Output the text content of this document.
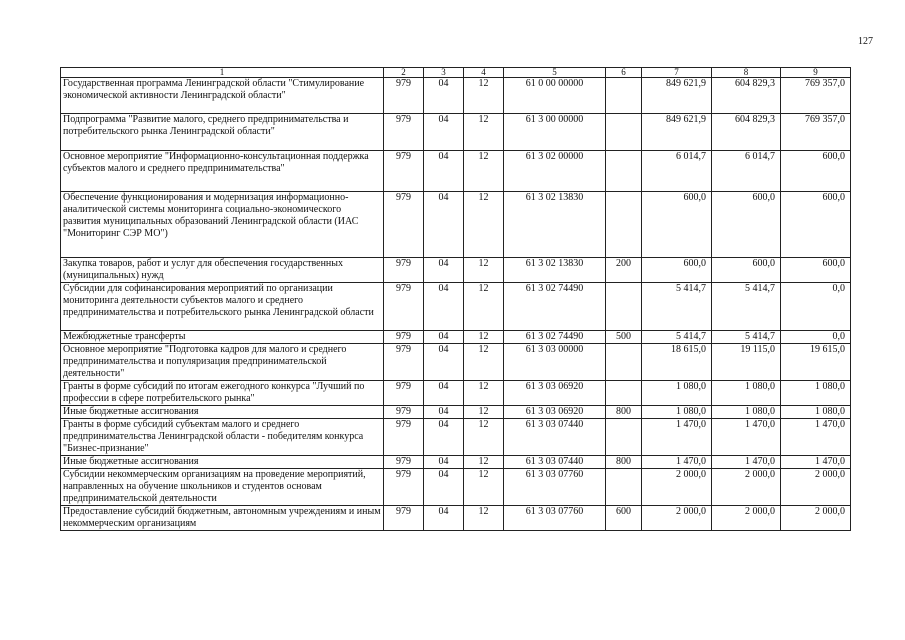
127
1	2	3	4	5	6	7	8	9
Государственная программа Ленинградской области "Стимулирование экономической активности Ленинградской области"	979	04	12	61 0 00 00000		849 621,9	604 829,3	769 357,0
Подпрограмма "Развитие малого, среднего предпринимательства и потребительского рынка Ленинградской области"	979	04	12	61 3 00 00000		849 621,9	604 829,3	769 357,0
Основное мероприятие "Информационно-консультационная поддержка субъектов малого и среднего предпринимательства"	979	04	12	61 3 02 00000		6 014,7	6 014,7	600,0
Обеспечение функционирования и модернизация информационно-аналитической системы мониторинга социально-экономического развития муниципальных образований Ленинградской области (ИАС "Мониторинг СЭР МО")	979	04	12	61 3 02 13830		600,0	600,0	600,0
Закупка товаров, работ и услуг для обеспечения государственных (муниципальных) нужд	979	04	12	61 3 02 13830	200	600,0	600,0	600,0
Субсидии для софинансирования мероприятий по организации мониторинга деятельности субъектов малого и среднего предпринимательства и потребительского рынка Ленинградской области	979	04	12	61 3 02 74490		5 414,7	5 414,7	0,0
Межбюджетные трансферты	979	04	12	61 3 02 74490	500	5 414,7	5 414,7	0,0
Основное мероприятие "Подготовка кадров для малого и среднего предпринимательства и популяризация предпринимательской деятельности"	979	04	12	61 3 03 00000		18 615,0	19 115,0	19 615,0
Гранты в форме субсидий по итогам ежегодного конкурса "Лучший по профессии в сфере потребительского рынка"	979	04	12	61 3 03 06920		1 080,0	1 080,0	1 080,0
Иные бюджетные ассигнования	979	04	12	61 3 03 06920	800	1 080,0	1 080,0	1 080,0
Гранты в форме субсидий субъектам малого и среднего предпринимательства Ленинградской области - победителям конкурса "Бизнес-признание"	979	04	12	61 3 03 07440		1 470,0	1 470,0	1 470,0
Иные бюджетные ассигнования	979	04	12	61 3 03 07440	800	1 470,0	1 470,0	1 470,0
Субсидии некоммерческим организациям на проведение мероприятий, направленных на обучение школьников и студентов основам предпринимательской деятельности	979	04	12	61 3 03 07760		2 000,0	2 000,0	2 000,0
Предоставление субсидий бюджетным, автономным учреждениям и иным некоммерческим организациям	979	04	12	61 3 03 07760	600	2 000,0	2 000,0	2 000,0
